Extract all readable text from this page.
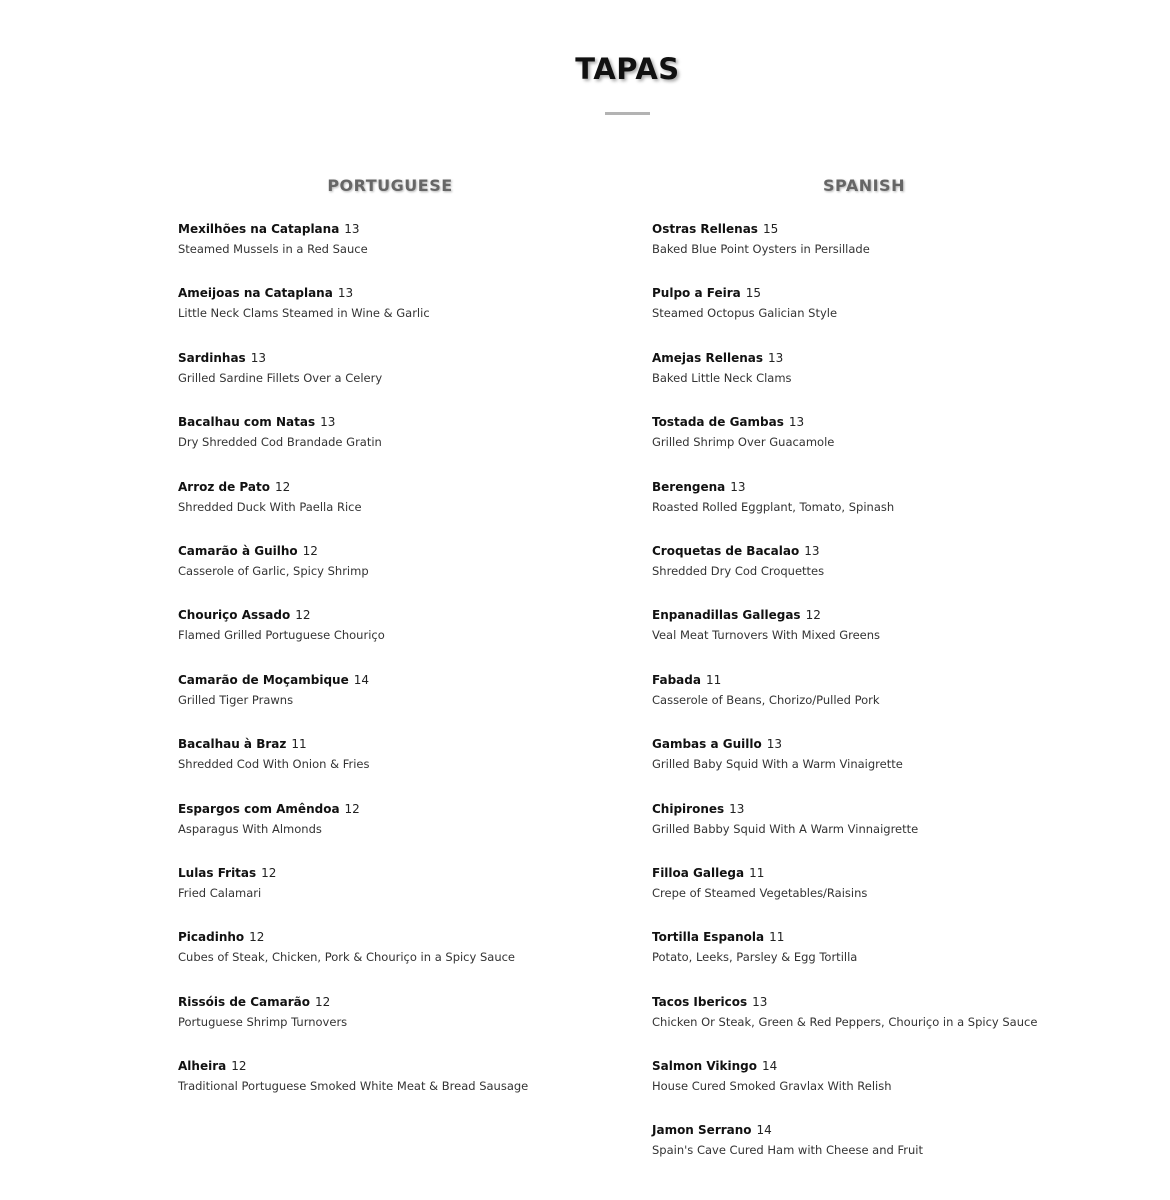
TAPAS
PORTUGUESE
Mexilhões na Cataplana 13
Steamed Mussels in a Red Sauce
Ameijoas na Cataplana 13
Little Neck Clams Steamed in Wine & Garlic
Sardinhas 13
Grilled Sardine Fillets Over a Celery
Bacalhau com Natas 13
Dry Shredded Cod Brandade Gratin
Arroz de Pato 12
Shredded Duck With Paella Rice
Camarão à Guilho 12
Casserole of Garlic, Spicy Shrimp
Chouriço Assado 12
Flamed Grilled Portuguese Chouriço
Camarão de Moçambique 14
Grilled Tiger Prawns
Bacalhau à Braz 11
Shredded Cod With Onion & Fries
Espargos com Amêndoa 12
Asparagus With Almonds
Lulas Fritas 12
Fried Calamari
Picadinho 12
Cubes of Steak, Chicken, Pork & Chouriço in a Spicy Sauce
Rissóis de Camarão 12
Portuguese Shrimp Turnovers
Alheira 12
Traditional Portuguese Smoked White Meat & Bread Sausage
SPANISH
Ostras Rellenas 15
Baked Blue Point Oysters in Persillade
Pulpo a Feira 15
Steamed Octopus Galician Style
Amejas Rellenas 13
Baked Little Neck Clams
Tostada de Gambas 13
Grilled Shrimp Over Guacamole
Berengena 13
Roasted Rolled Eggplant, Tomato, Spinash
Croquetas de Bacalao 13
Shredded Dry Cod Croquettes
Enpanadillas Gallegas 12
Veal Meat Turnovers With Mixed Greens
Fabada 11
Casserole of Beans, Chorizo/Pulled Pork
Gambas a Guillo 13
Grilled Baby Squid With a Warm Vinaigrette
Chipirones 13
Grilled Babby Squid With A Warm Vinnaigrette
Filloa Gallega 11
Crepe of Steamed Vegetables/Raisins
Tortilla Espanola 11
Potato, Leeks, Parsley & Egg Tortilla
Tacos Ibericos 13
Chicken Or Steak, Green & Red Peppers, Chouriço in a Spicy Sauce
Salmon Vikingo 14
House Cured Smoked Gravlax With Relish
Jamon Serrano 14
Spain's Cave Cured Ham with Cheese and Fruit
